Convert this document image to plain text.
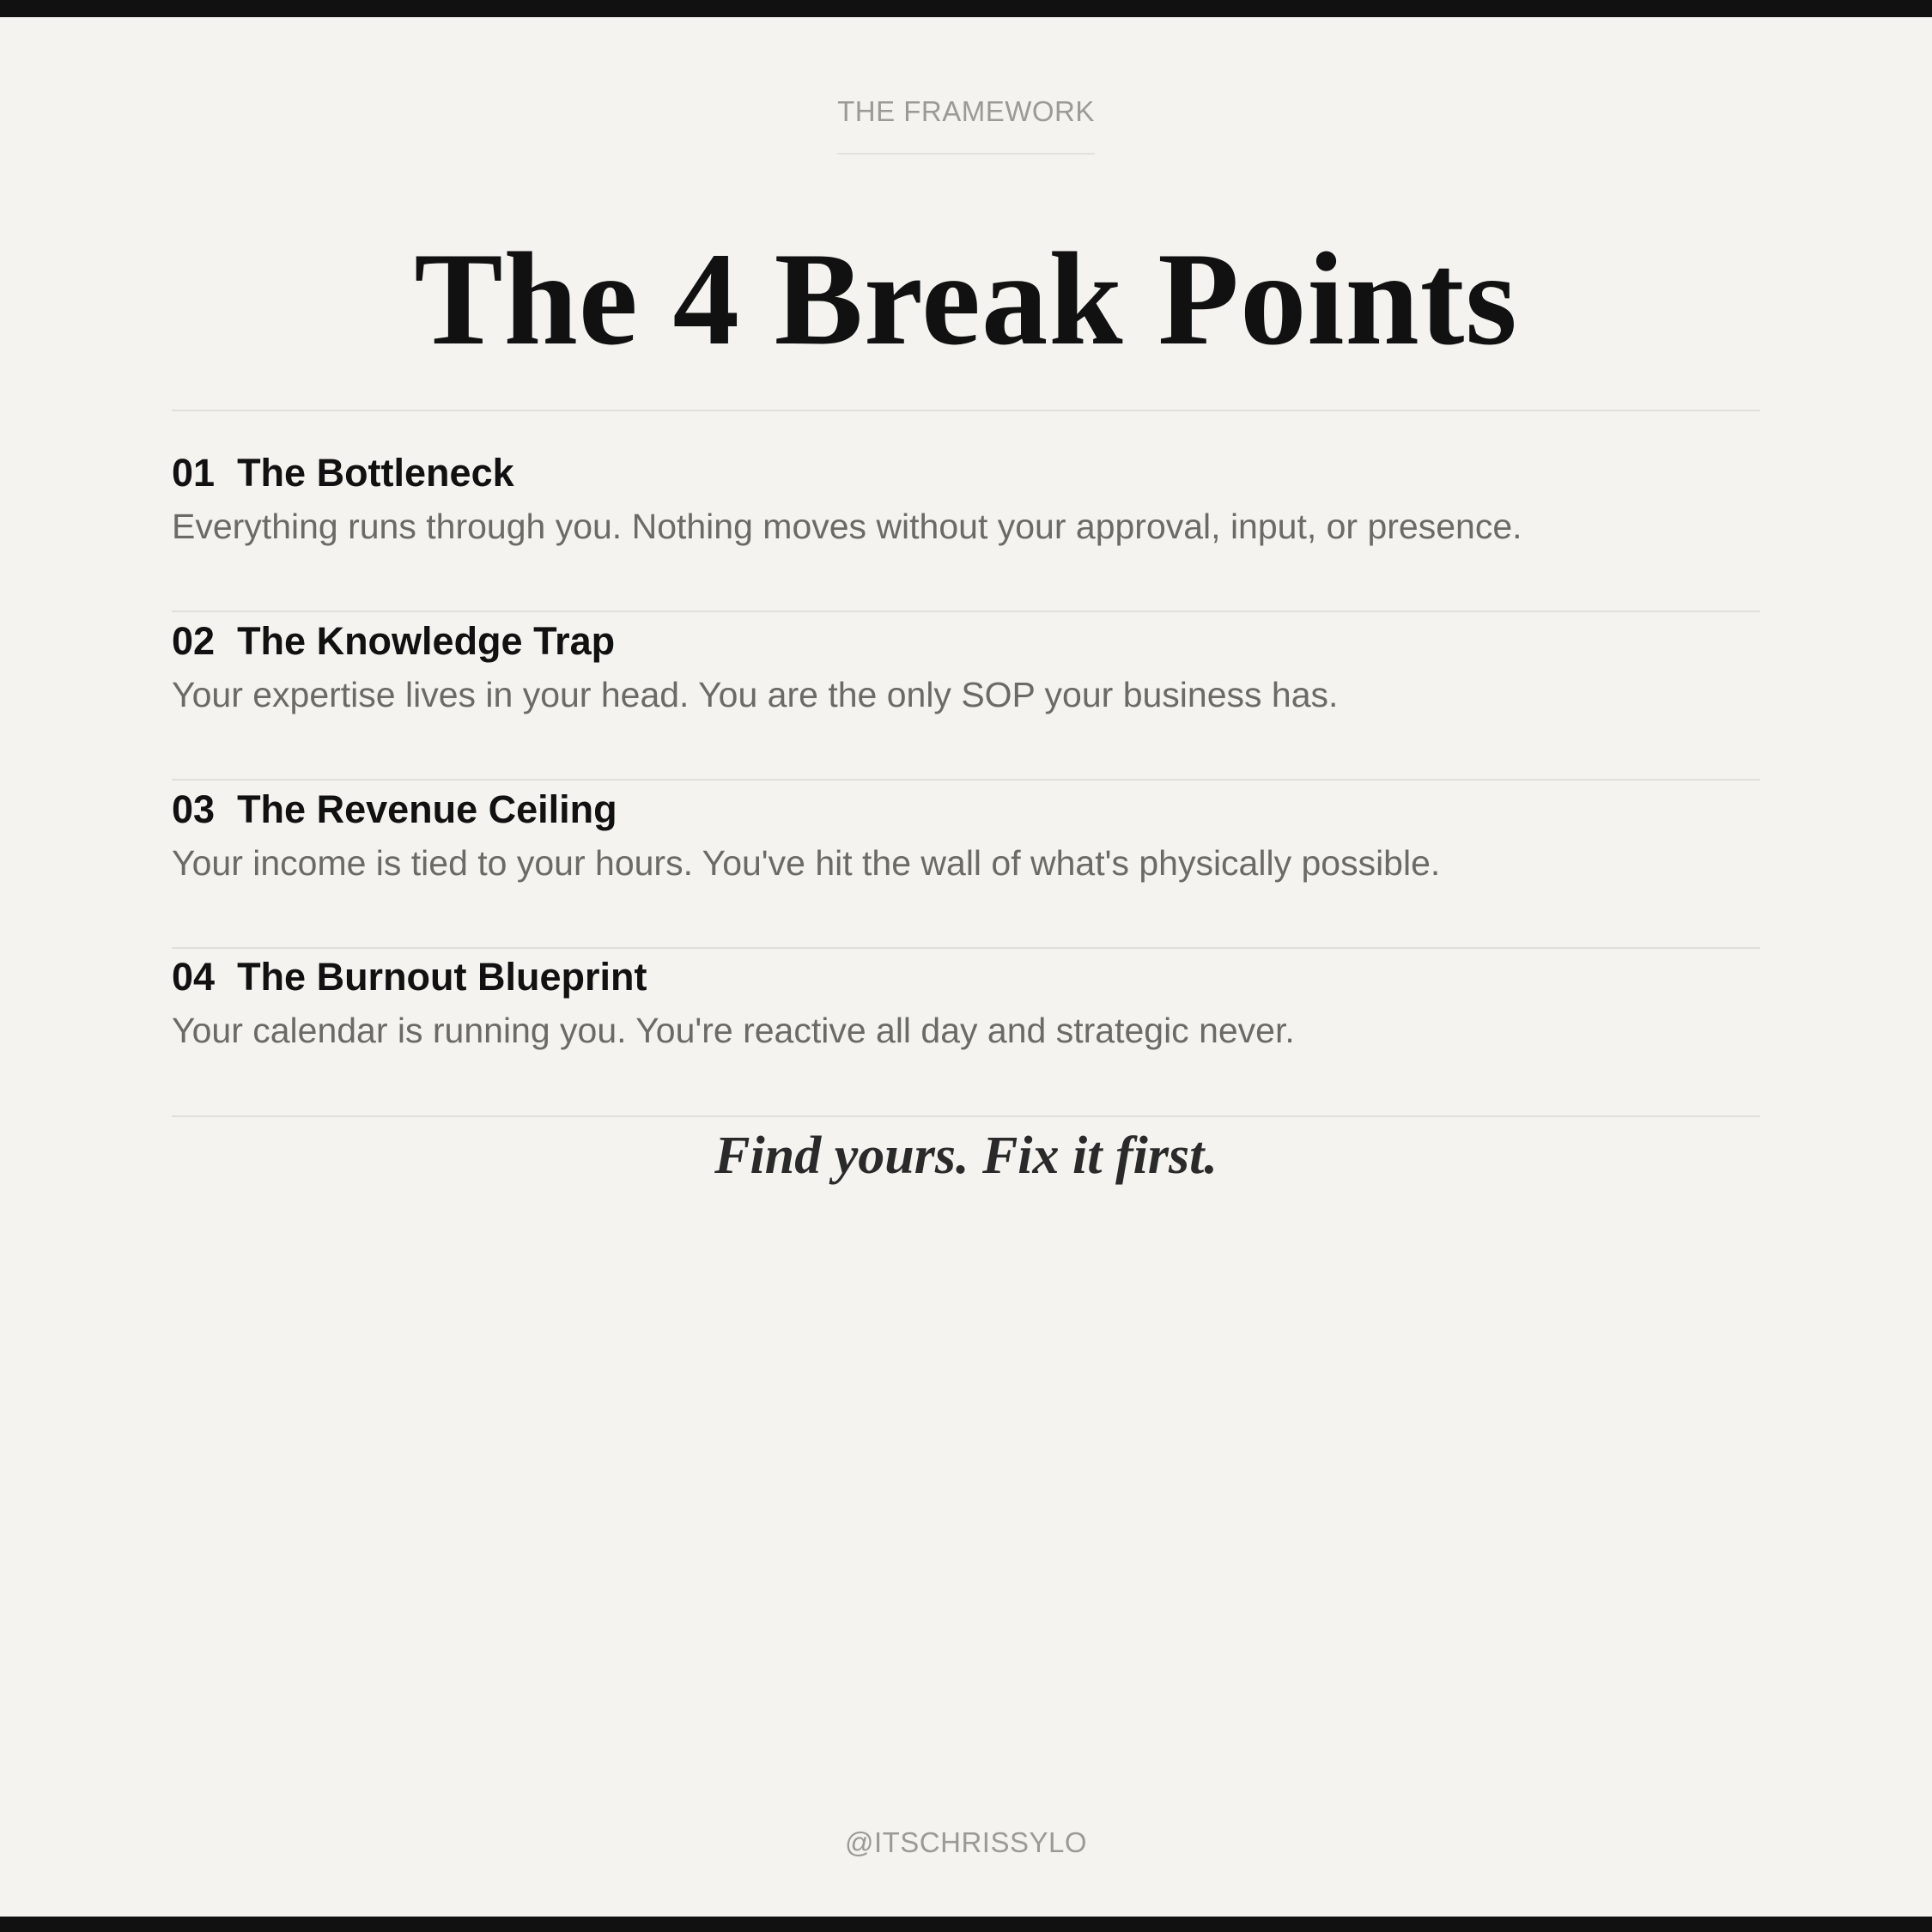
THE FRAMEWORK
The 4 Break Points
01 The Bottleneck
Everything runs through you. Nothing moves without your approval, input, or presence.
02 The Knowledge Trap
Your expertise lives in your head. You are the only SOP your business has.
03 The Revenue Ceiling
Your income is tied to your hours. You've hit the wall of what's physically possible.
04 The Burnout Blueprint
Your calendar is running you. You're reactive all day and strategic never.
Find yours. Fix it first.
@ITSCHRISSYLO
